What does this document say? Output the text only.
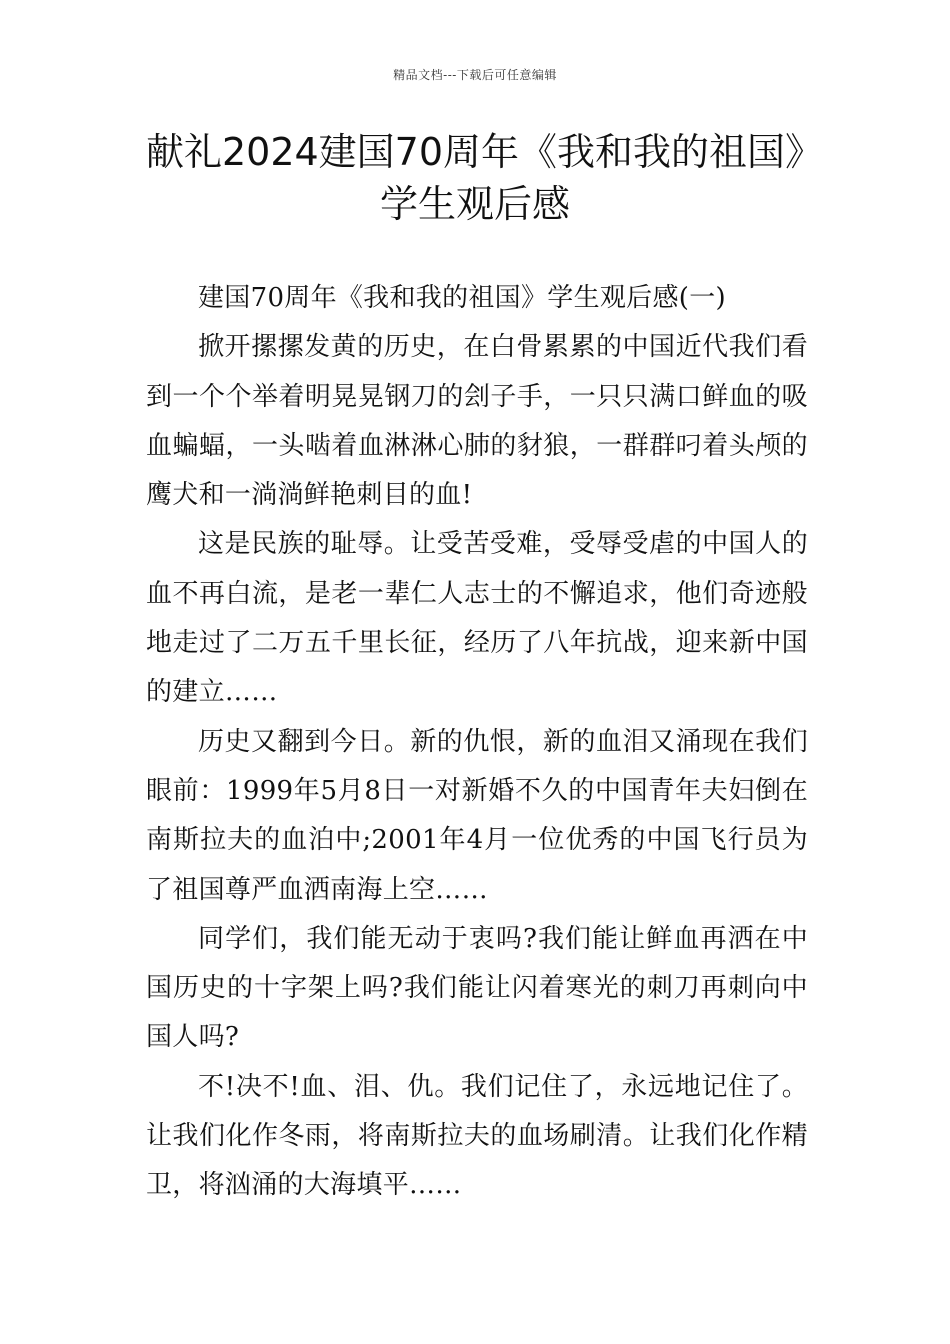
精品文档---下载后可任意编辑
献礼2024建国70周年《我和我的祖国》学生观后感

建国70周年《我和我的祖国》学生观后感(一)

掀开摞摞发黄的历史，在白骨累累的中国近代我们看到一个个举着明晃晃钢刀的刽子手，一只只满口鲜血的吸血蝙蝠，一头啮着血淋淋心肺的豺狼，一群群叼着头颅的鹰犬和一淌淌鲜艳刺目的血!

这是民族的耻辱。让受苦受难，受辱受虐的中国人的血不再白流，是老一辈仁人志士的不懈追求，他们奇迹般地走过了二万五千里长征，经历了八年抗战，迎来新中国的建立……

历史又翻到今日。新的仇恨，新的血泪又涌现在我们眼前：1999年5月8日一对新婚不久的中国青年夫妇倒在南斯拉夫的血泊中;2001年4月一位优秀的中国飞行员为了祖国尊严血洒南海上空……

同学们，我们能无动于衷吗?我们能让鲜血再洒在中国历史的十字架上吗?我们能让闪着寒光的刺刀再刺向中国人吗?

不!决不!血、泪、仇。我们记住了，永远地记住了。让我们化作冬雨，将南斯拉夫的血场刷清。让我们化作精卫，将汹涌的大海填平……
